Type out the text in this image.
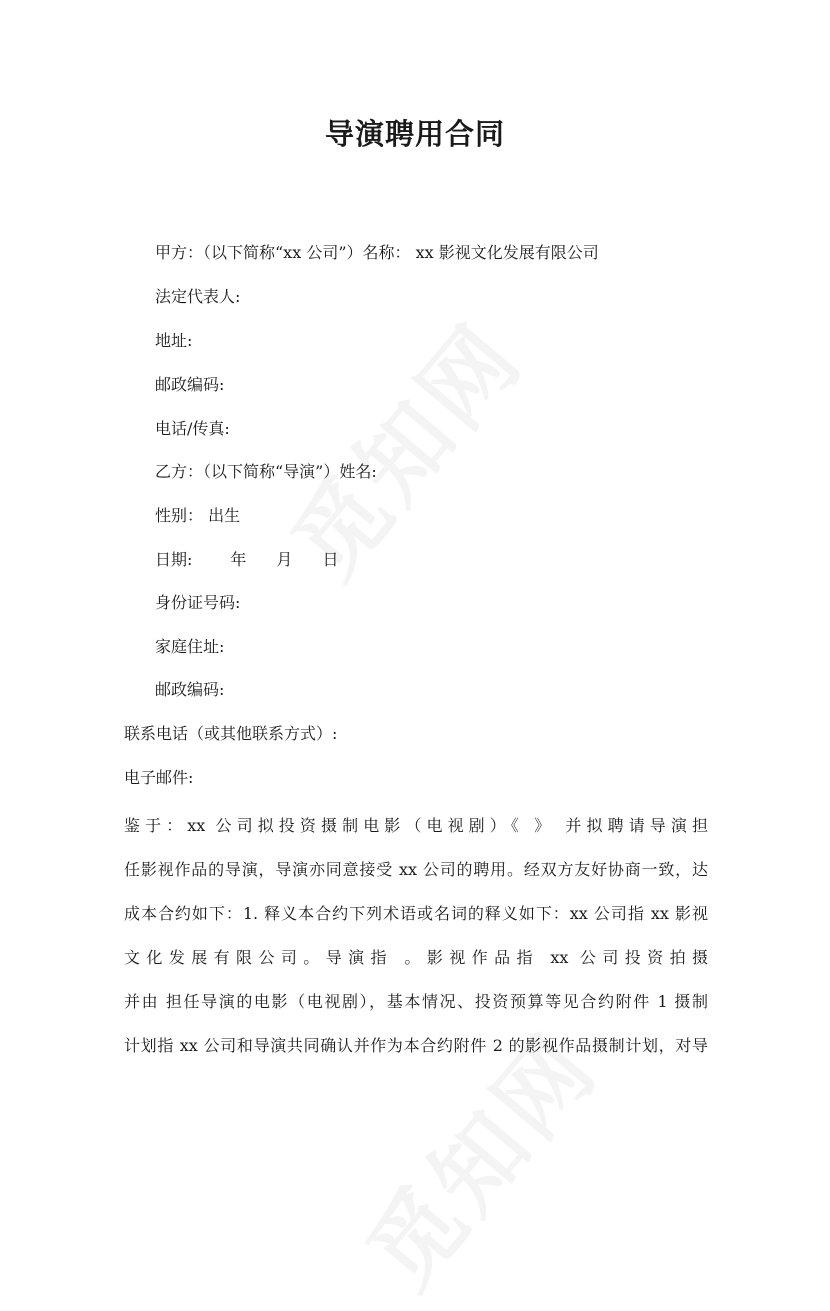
导演聘用合同
甲方：（以下简称“xx 公司”）名称： xx 影视文化发展有限公司
法定代表人:
地址:
邮政编码:
电话/传真:
乙方：（以下简称“导演”）姓名:
性别： 出生
日期: 年 月 日
身份证号码:
家庭住址:
邮政编码:
联系电话（或其他联系方式）:
电子邮件:
鉴于：xx 公司拟投资摄制电影（电视剧）《 》 并拟聘请导演担
任影视作品的导演，导演亦同意接受 xx 公司的聘用。经双方友好协商一致，达
成本合约如下：1. 释义本合约下列术语或名词的释义如下：xx 公司指 xx 影视
文化发展有限公司。导演指 。影视作品指 xx 公司投资拍摄
并由 担任导演的电影（电视剧），基本情况、投资预算等见合约附件 1 摄制
计划指 xx 公司和导演共同确认并作为本合约附件 2 的影视作品摄制计划，对导
